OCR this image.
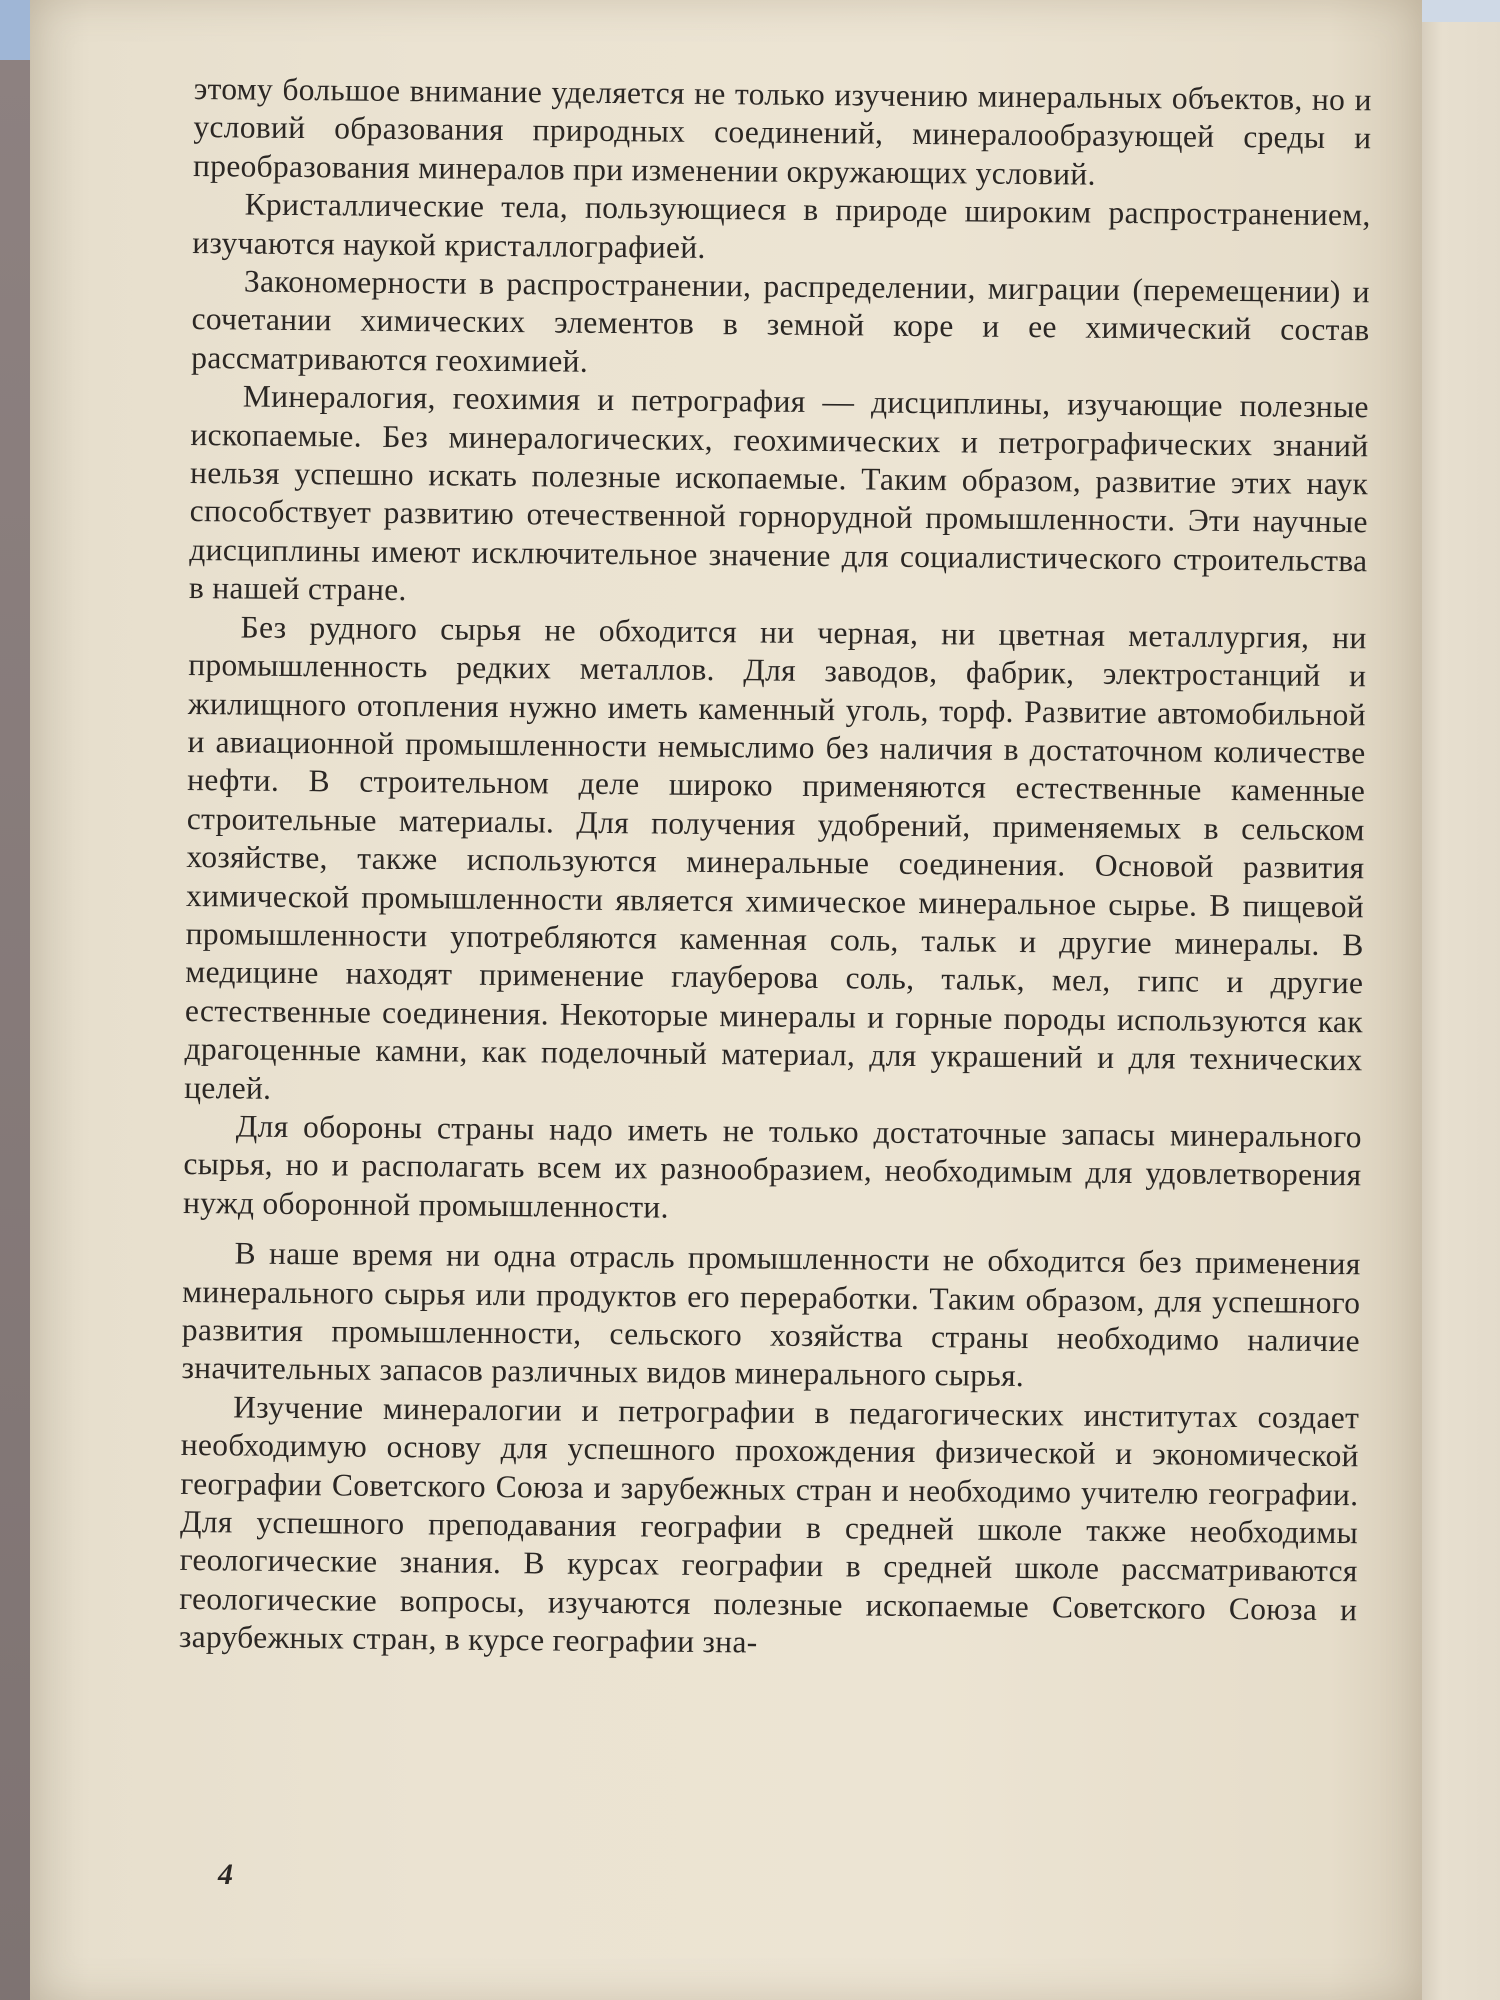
этому большое внимание уделяется не только изучению минеральных объектов, но и условий образования природных соединений, минералообразующей среды и преобразования минералов при изменении окружающих условий.

Кристаллические тела, пользующиеся в природе широким распространением, изучаются наукой кристаллографией.

Закономерности в распространении, распределении, миграции (перемещении) и сочетании химических элементов в земной коре и ее химический состав рассматриваются геохимией.

Минералогия, геохимия и петрография — дисциплины, изучающие полезные ископаемые. Без минералогических, геохимических и петрографических знаний нельзя успешно искать полезные ископаемые. Таким образом, развитие этих наук способствует развитию отечественной горнорудной промышленности. Эти научные дисциплины имеют исключительное значение для социалистического строительства в нашей стране.

Без рудного сырья не обходится ни черная, ни цветная металлургия, ни промышленность редких металлов. Для заводов, фабрик, электростанций и жилищного отопления нужно иметь каменный уголь, торф. Развитие автомобильной и авиационной промышленности немыслимо без наличия в достаточном количестве нефти. В строительном деле широко применяются естественные каменные строительные материалы. Для получения удобрений, применяемых в сельском хозяйстве, также используются минеральные соединения. Основой развития химической промышленности является химическое минеральное сырье. В пищевой промышленности употребляются каменная соль, тальк и другие минералы. В медицине находят применение глауберова соль, тальк, мел, гипс и другие естественные соединения. Некоторые минералы и горные породы используются как драгоценные камни, как поделочный материал, для украшений и для технических целей.

Для обороны страны надо иметь не только достаточные запасы минерального сырья, но и располагать всем их разнообразием, необходимым для удовлетворения нужд оборонной промышленности.

В наше время ни одна отрасль промышленности не обходится без применения минерального сырья или продуктов его переработки. Таким образом, для успешного развития промышленности, сельского хозяйства страны необходимо наличие значительных запасов различных видов минерального сырья.

Изучение минералогии и петрографии в педагогических институтах создает необходимую основу для успешного прохождения физической и экономической географии Советского Союза и зарубежных стран и необходимо учителю географии. Для успешного преподавания географии в средней школе также необходимы геологические знания. В курсах географии в средней школе рассматриваются геологические вопросы, изучаются полезные ископаемые Советского Союза и зарубежных стран, в курсе географии зна-

4
